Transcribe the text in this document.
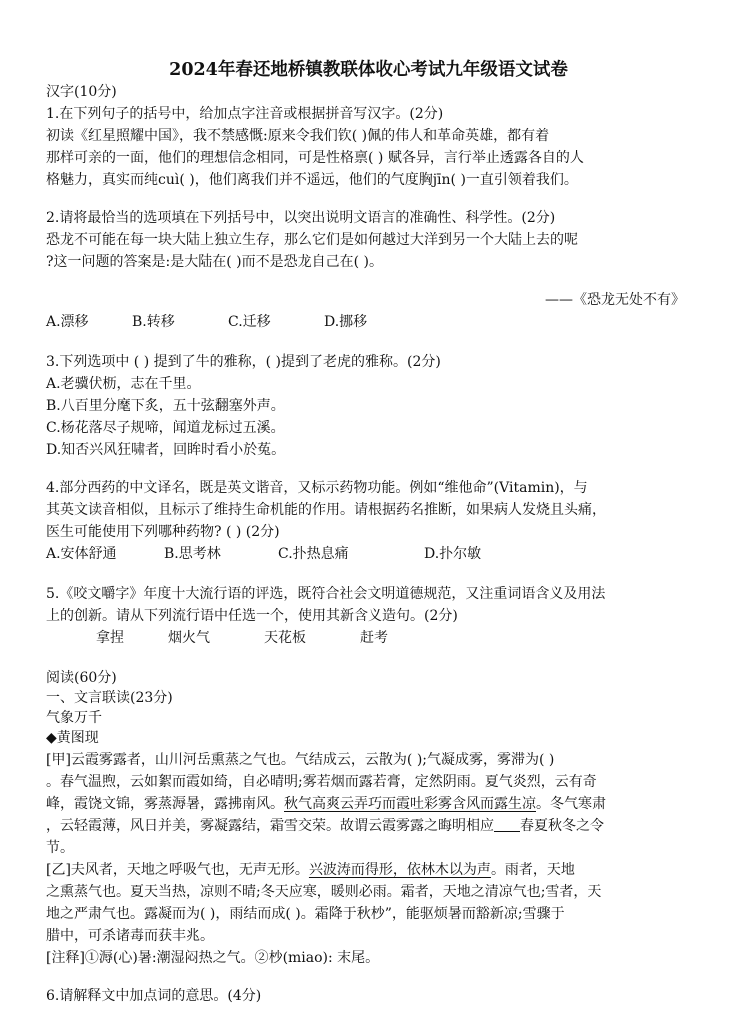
2024年春还地桥镇教联体收心考试九年级语文试卷
汉字(10分)
1.在下列句子的括号中，给加点字注音或根据拼音写汉字。(2分)
初读《红星照耀中国》，我不禁感慨:原来令我们钦( )佩的伟人和革命英雄，都有着
那样可亲的一面，他们的理想信念相同，可是性格禀( ) 赋各异，言行举止透露各自的人
格魅力，真实而纯cuì( )，他们离我们并不遥远，他们的气度胸jīn( )一直引领着我们。
2.请将最恰当的选项填在下列括号中，以突出说明文语言的准确性、科学性。(2分)
恐龙不可能在每一块大陆上独立生存，那么它们是如何越过大洋到另一个大陆上去的呢
?这一问题的答案是:是大陆在( )而不是恐龙自己在( )。
——《恐龙无处不有》
A.漂移	B.转移	C.迁移	D.挪移
3.下列选项中 ( ) 提到了牛的雅称，( )提到了老虎的雅称。(2分)
A.老骥伏枥，志在千里。
B.八百里分麾下炙，五十弦翻塞外声。
C.杨花落尽子规啼，闻道龙标过五溪。
D.知否兴风狂啸者，回眸时看小於菟。
4.部分西药的中文译名，既是英文谐音，又标示药物功能。例如“维他命”(Vitamin)，与
其英文读音相似，且标示了维持生命机能的作用。请根据药名推断，如果病人发烧且头痛，
医生可能使用下列哪种药物? ( ) (2分)
A.安体舒通	B.思考林	C.扑热息痛	D.扑尔敏
5.《咬文嚼字》年度十大流行语的评选，既符合社会文明道德规范，又注重词语含义及用法
上的创新。请从下列流行语中任选一个，使用其新含义造句。(2分)
拿捏	烟火气	天花板	赶考
阅读(60分)
一、文言联读(23分)
气象万千
◆黄图现
[甲]云霞雾露者，山川河岳熏蒸之气也。气结成云，云散为( );气凝成雾，雾滞为( )
。春气温煦，云如絮而霞如绮，自必晴明;雾若烟而露若膏，定然阴雨。夏气炎烈，云有奇
峰，霞饶文锦，雾蒸溽暑，露拂南风。秋气高爽云弄巧而霞吐彩雾含风而露生凉。冬气寒肃
，云轻霞薄，风日并美，雾凝露结，霜雪交荣。故谓云霞雾露之晦明相应 春夏秋冬之令
节。
[乙]夫风者，天地之呼吸气也，无声无形。兴波涛而得形，依林木以为声。雨者，天地
之熏蒸气也。夏天当热，凉则不晴;冬天应寒，暖则必雨。霜者，天地之清凉气也;雪者，天
地之严肃气也。露凝而为( )，雨结而成( )。霜降于秋杪”，能驱烦暑而豁新凉;雪骤于
腊中，可杀诸毒而获丰兆。
[注释]①溽(心)暑:潮湿闷热之气。②杪(miao): 末尾。
6.请解释文中加点词的意思。(4分)
